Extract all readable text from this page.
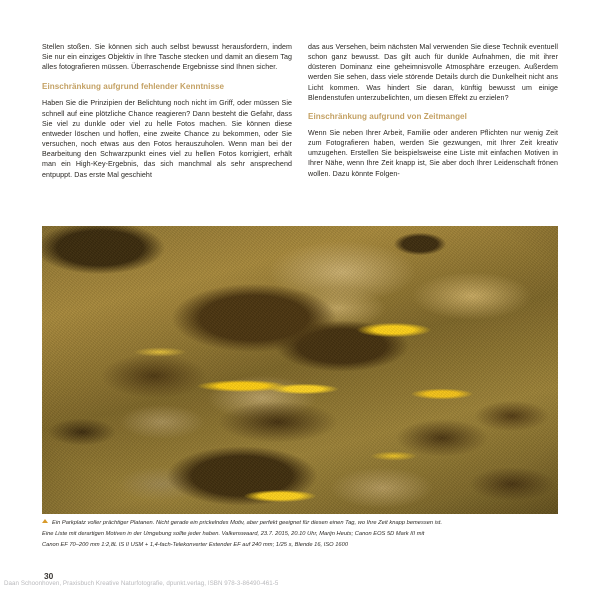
Stellen stoßen. Sie können sich auch selbst bewusst herausfordern, indem Sie nur ein einziges Objektiv in Ihre Tasche stecken und damit an diesem Tag alles fotografieren müssen. Überraschende Ergebnisse sind Ihnen sicher.

Einschränkung aufgrund fehlender Kenntnisse

Haben Sie die Prinzipien der Belichtung noch nicht im Griff, oder müssen Sie schnell auf eine plötzliche Chance reagieren? Dann besteht die Gefahr, dass Sie viel zu dunkle oder viel zu helle Fotos machen. Sie können diese entweder löschen und hoffen, eine zweite Chance zu bekommen, oder Sie versuchen, noch etwas aus den Fotos herauszuholen. Wenn man bei der Bearbeitung den Schwarzpunkt eines viel zu hellen Fotos korrigiert, erhält man ein High-Key-Ergebnis, das sich manchmal als sehr ansprechend entpuppt. Das erste Mal geschieht

das aus Versehen, beim nächsten Mal verwenden Sie diese Technik eventuell schon ganz bewusst. Das gilt auch für dunkle Aufnahmen, die mit ihrer düsteren Dominanz eine geheimnisvolle Atmosphäre erzeugen. Außerdem werden Sie sehen, dass viele störende Details durch die Dunkelheit nicht ans Licht kommen. Was hindert Sie daran, künftig bewusst um einige Blendenstufen unterzubelichten, um diesen Effekt zu erzielen?

Einschränkung aufgrund von Zeitmangel

Wenn Sie neben Ihrer Arbeit, Familie oder anderen Pflichten nur wenig Zeit zum Fotografieren haben, werden Sie gezwungen, mit Ihrer Zeit kreativ umzugehen. Erstellen Sie beispielsweise eine Liste mit einfachen Motiven in Ihrer Nähe, wenn Ihre Zeit knapp ist, Sie aber doch Ihrer Leidenschaft frönen wollen. Dazu könnte Folgen-

Ein Parkplatz voller prächtiger Platanen. Nicht gerade ein prickelndes Motiv, aber perfekt geeignet für diesen einen Tag, wo Ihre Zeit knapp bemessen ist.
Eine Liste mit derartigen Motiven in der Umgebung sollte jeder haben. Valkenswaard, 23.7. 2015, 20.10 Uhr, Marijn Heuts; Canon EOS 5D Mark III mit
Canon EF 70–200 mm 1:2,8L IS II USM + 1,4-fach-Telekonverter Extender EF auf 240 mm; 1/25 s, Blende 16, ISO 1600
Daan Schoonhoven, Praxisbuch Kreative Naturfotografie, dpunkt.verlag, ISBN 978-3-86490-461-5
30
